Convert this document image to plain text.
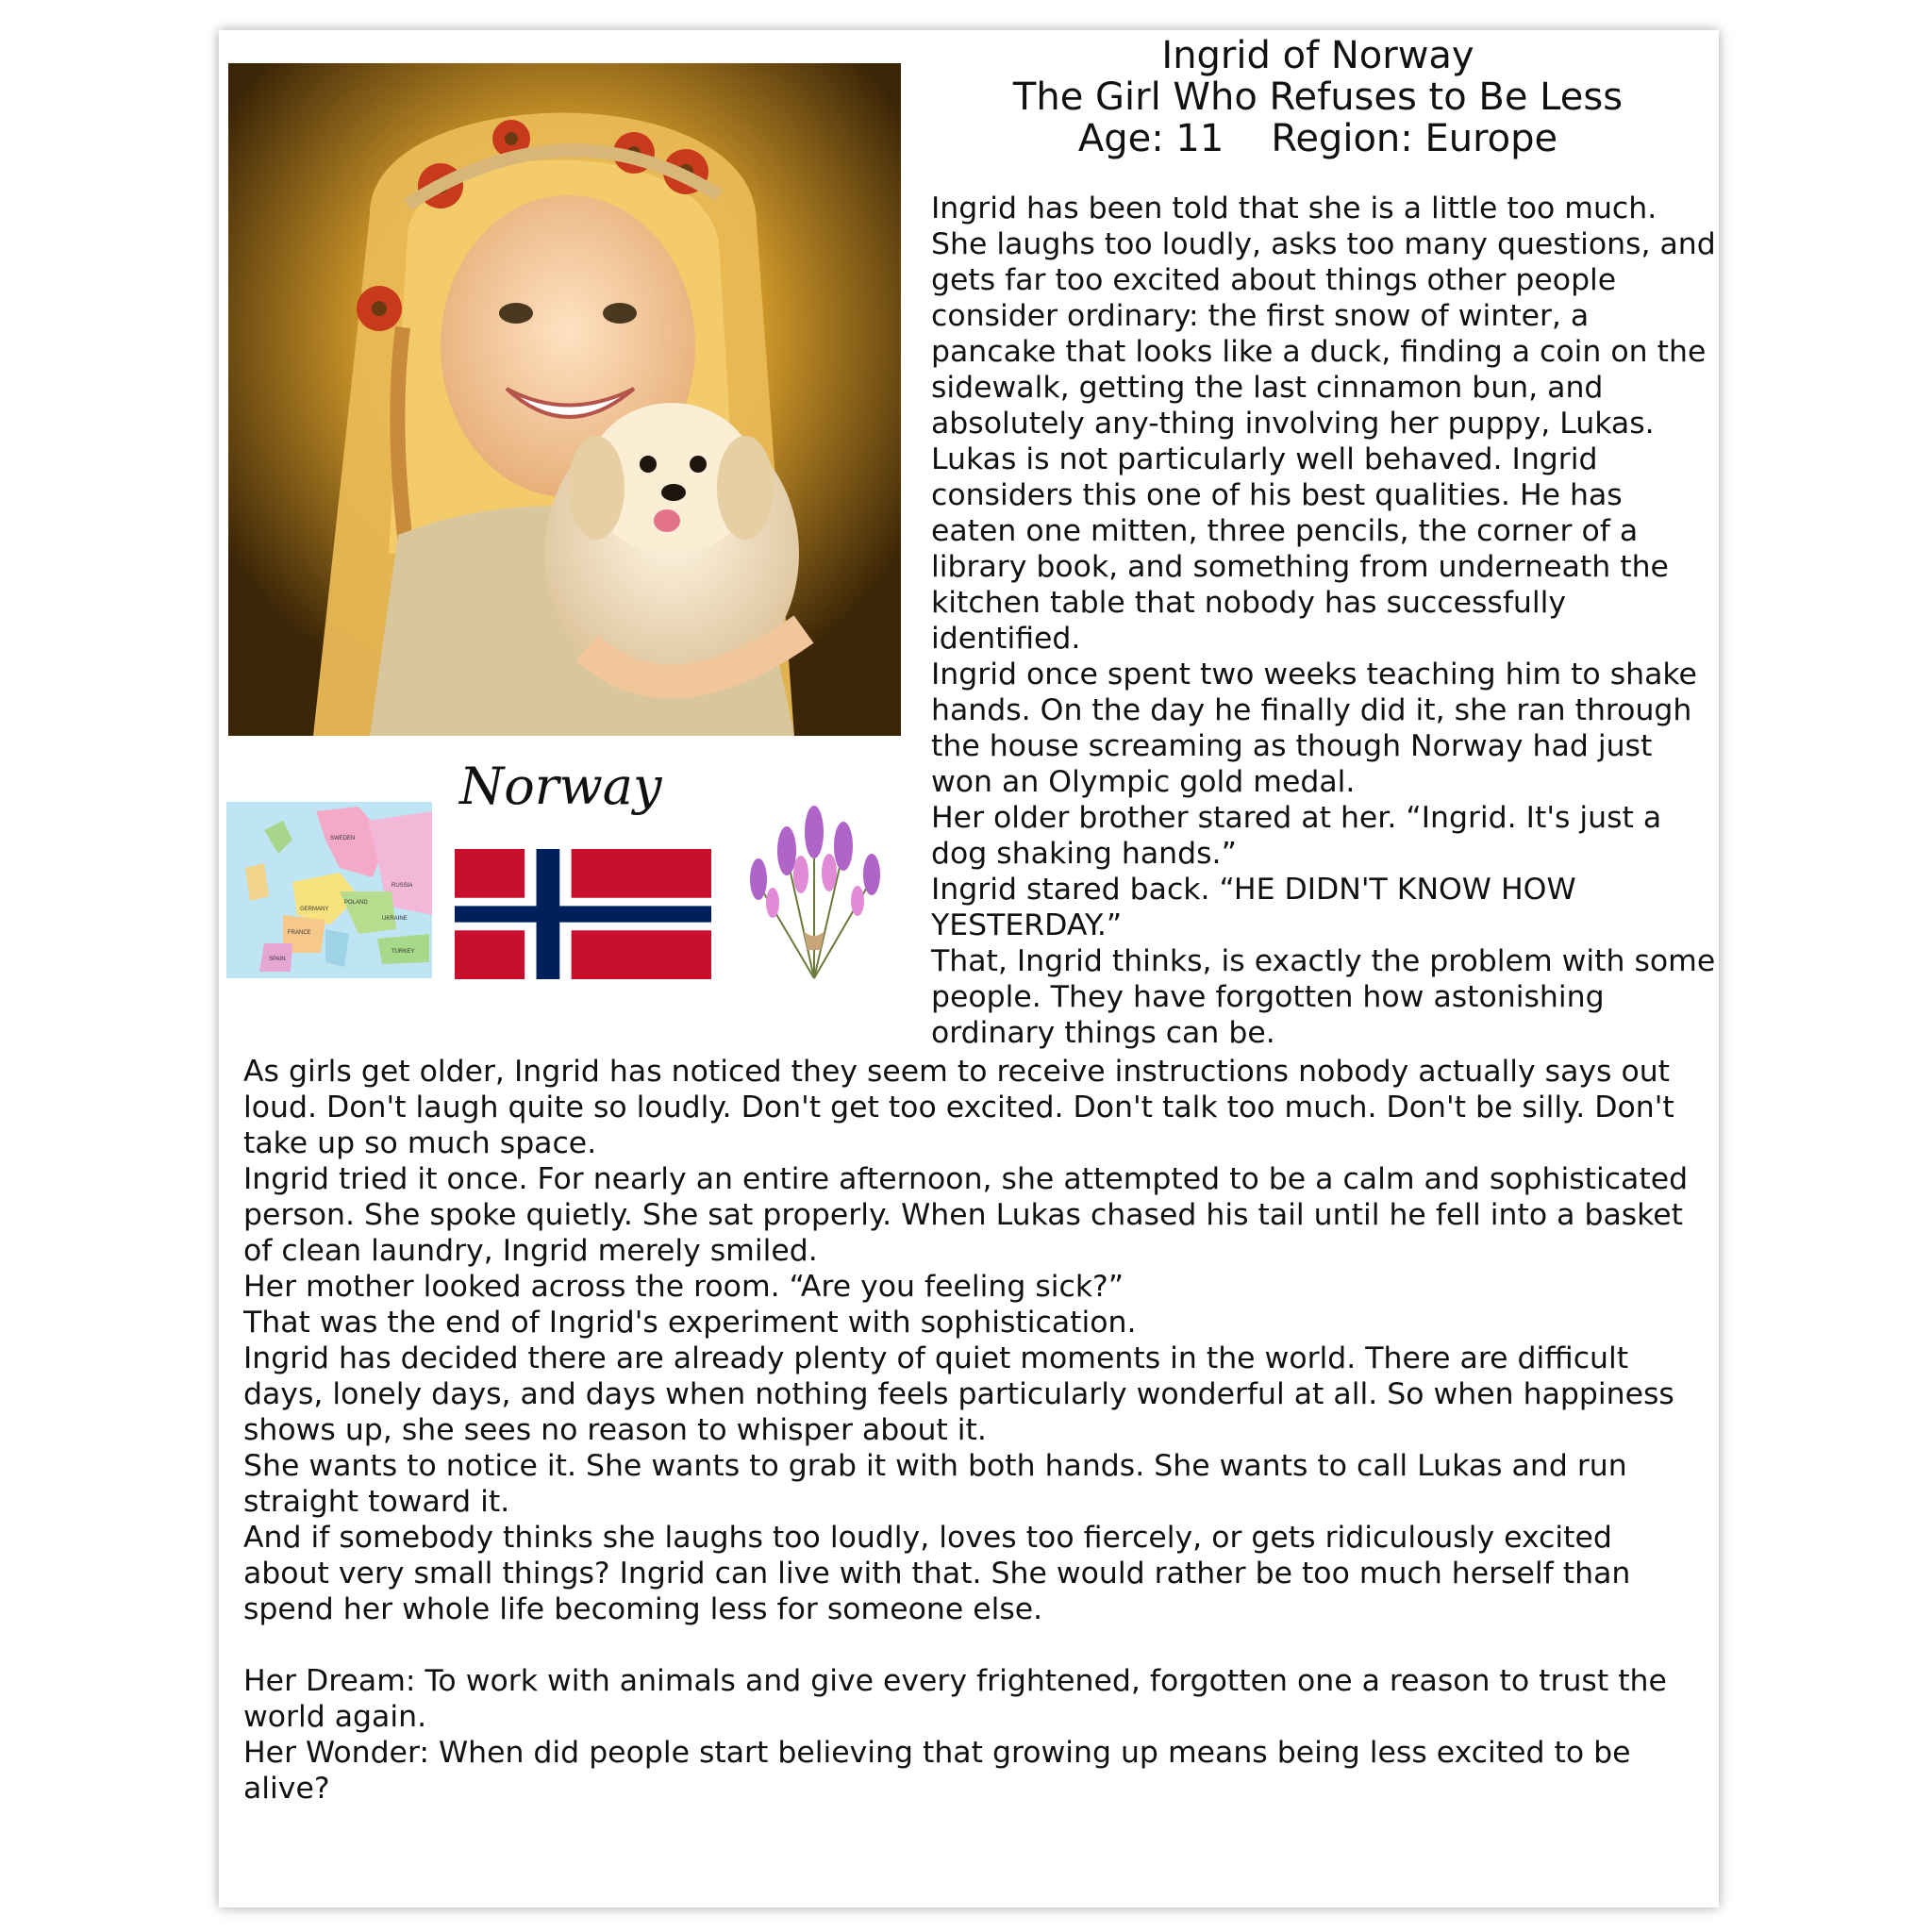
Ingrid of Norway
The Girl Who Refuses to Be Less
Age: 11 Region: Europe

Ingrid has been told that she is a little too much. She laughs too loudly, asks too many questions, and gets far too excited about things other people consider ordinary: the first snow of winter, a pancake that looks like a duck, finding a coin on the sidewalk, getting the last cinnamon bun, and absolutely any-thing involving her puppy, Lukas.

Lukas is not particularly well behaved. Ingrid considers this one of his best qualities. He has eaten one mitten, three pencils, the corner of a library book, and something from underneath the kitchen table that nobody has successfully identified.

Ingrid once spent two weeks teaching him to shake hands. On the day he finally did it, she ran through the house screaming as though Norway had just won an Olympic gold medal.

Her older brother stared at her. “Ingrid. It's just a dog shaking hands.”

Ingrid stared back. “HE DIDN'T KNOW HOW YESTERDAY.”

That, Ingrid thinks, is exactly the problem with some people. They have forgotten how astonishing ordinary things can be.

Norway
SWEDEN
RUSSIA
POLAND
UKRAINE
GERMANY
FRANCE
SPAIN
TURKEY

As girls get older, Ingrid has noticed they seem to receive instructions nobody actually says out loud. Don't laugh quite so loudly. Don't get too excited. Don't talk too much. Don't be silly. Don't take up so much space.

Ingrid tried it once. For nearly an entire afternoon, she attempted to be a calm and sophisticated person. She spoke quietly. She sat properly. When Lukas chased his tail until he fell into a basket of clean laundry, Ingrid merely smiled.

Her mother looked across the room. “Are you feeling sick?”

That was the end of Ingrid's experiment with sophistication.

Ingrid has decided there are already plenty of quiet moments in the world. There are difficult days, lonely days, and days when nothing feels particularly wonderful at all. So when happiness shows up, she sees no reason to whisper about it.

She wants to notice it. She wants to grab it with both hands. She wants to call Lukas and run straight toward it.

And if somebody thinks she laughs too loudly, loves too fiercely, or gets ridiculously excited about very small things? Ingrid can live with that. She would rather be too much herself than spend her whole life becoming less for someone else.

Her Dream: To work with animals and give every frightened, forgotten one a reason to trust the world again.

Her Wonder: When did people start believing that growing up means being less excited to be alive?
